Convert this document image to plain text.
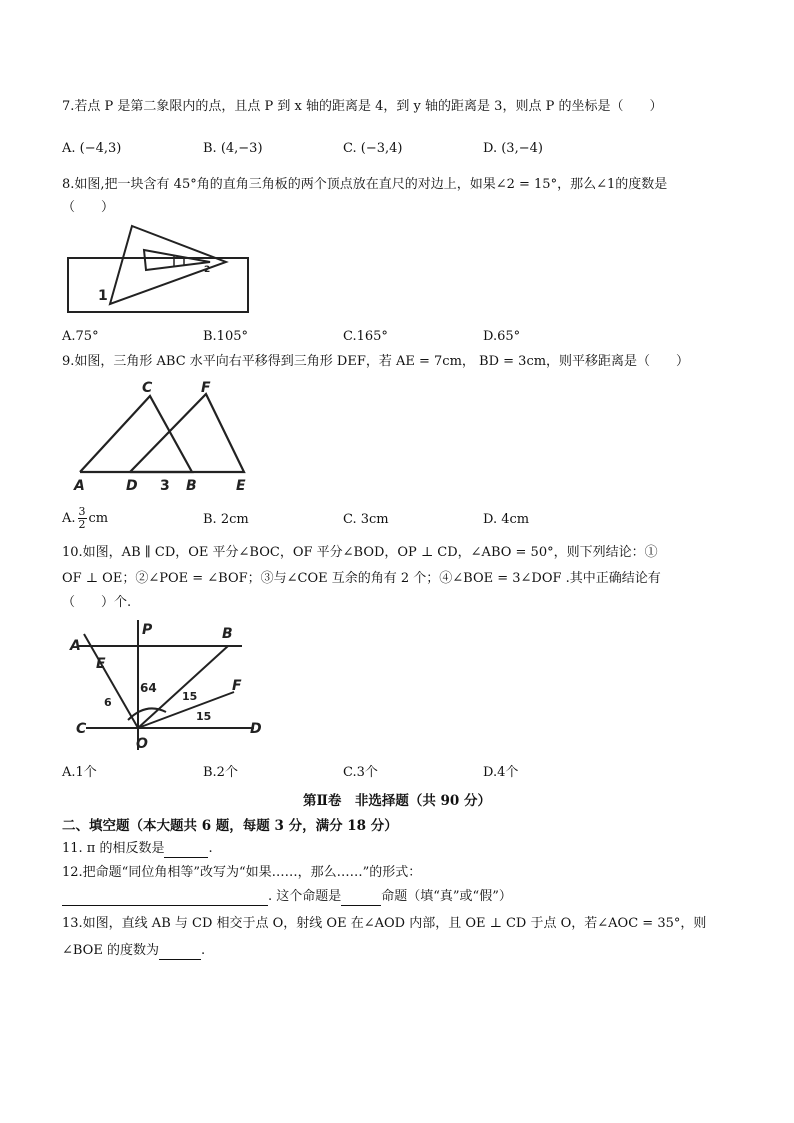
7.若点 P 是第二象限内的点，且点 P 到 x 轴的距离是 4，到 y 轴的距离是 3，则点 P 的坐标是（　　）
A. (−4,3)	B. (4,−3)	C. (−3,4)	D. (3,−4)
8.如图,把一块含有 45°角的直角三角板的两个顶点放在直尺的对边上，如果∠2 = 15°，那么∠1的度数是
（　　）
1
2
A.75°	B.105°	C.165°	D.65°
9.如图，三角形 ABC 水平向右平移得到三角形 DEF，若 AE = 7cm， BD = 3cm，则平移距离是（　　）
A
C	F
D 3 B	E
A. $\frac{3}{2}$ cm	B. 2cm	C. 3cm	D. 4cm
10.如图，AB ∥ CD，OE 平分∠BOC，OF 平分∠BOD，OP ⊥ CD，∠ABO = 50°，则下列结论：①
OF ⊥ OE；②∠POE = ∠BOF；③与∠COE 互余的角有 2 个；④∠BOE = 3∠DOF .其中正确结论有
（　　）个.
A
P	B
E
F
C	D
O
64
15
15
6
A.1个	B.2个	C.3个	D.4个
第Ⅱ卷　非选择题（共 90 分）
二、填空题（本大题共 6 题，每题 3 分，满分 18 分）
11. π 的相反数是	.
12.把命题“同位角相等”改写为“如果……，那么……”的形式：
. 这个命题是	命题（填“真”或“假”）
13.如图，直线 AB 与 CD 相交于点 O，射线 OE 在∠AOD 内部，且 OE ⊥ CD 于点 O，若∠AOC = 35°，则
∠BOE 的度数为	.
